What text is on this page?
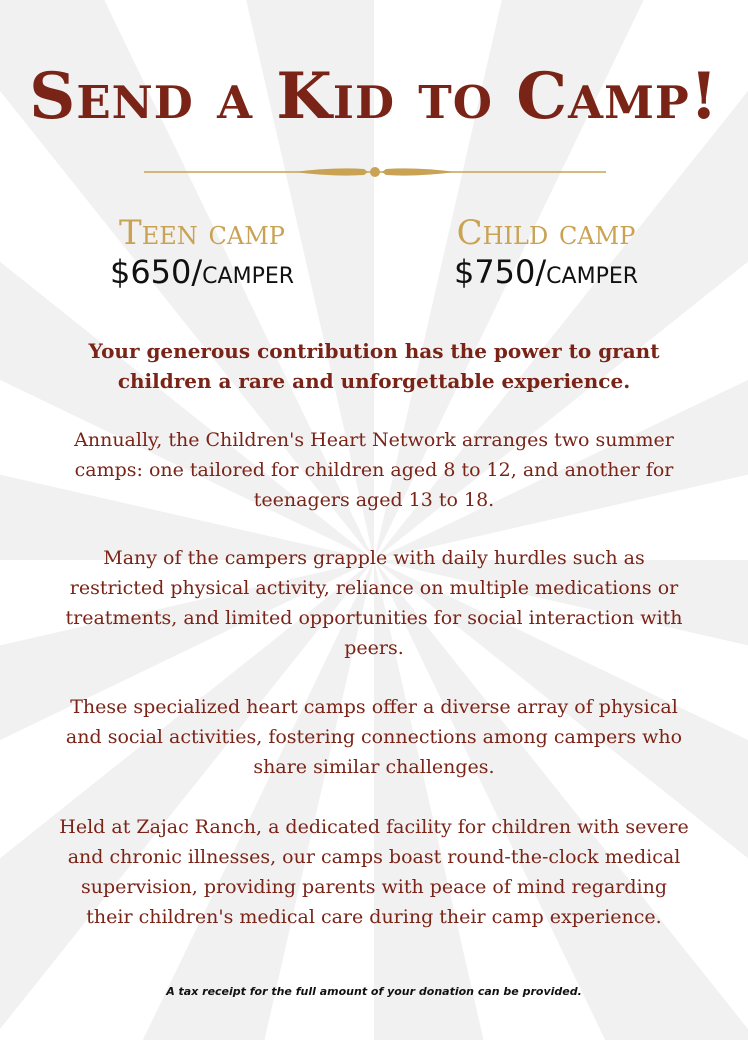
Send a Kid to Camp!
Teen camp
$650/camper
Child camp
$750/camper

Your generous contribution has the power to grant children a rare and unforgettable experience.

Annually, the Children's Heart Network arranges two summer camps: one tailored for children aged 8 to 12, and another for teenagers aged 13 to 18.

Many of the campers grapple with daily hurdles such as restricted physical activity, reliance on multiple medications or treatments, and limited opportunities for social interaction with peers.

These specialized heart camps offer a diverse array of physical and social activities, fostering connections among campers who share similar challenges.

Held at Zajac Ranch, a dedicated facility for children with severe and chronic illnesses, our camps boast round-the-clock medical supervision, providing parents with peace of mind regarding their children's medical care during their camp experience.

A tax receipt for the full amount of your donation can be provided.
